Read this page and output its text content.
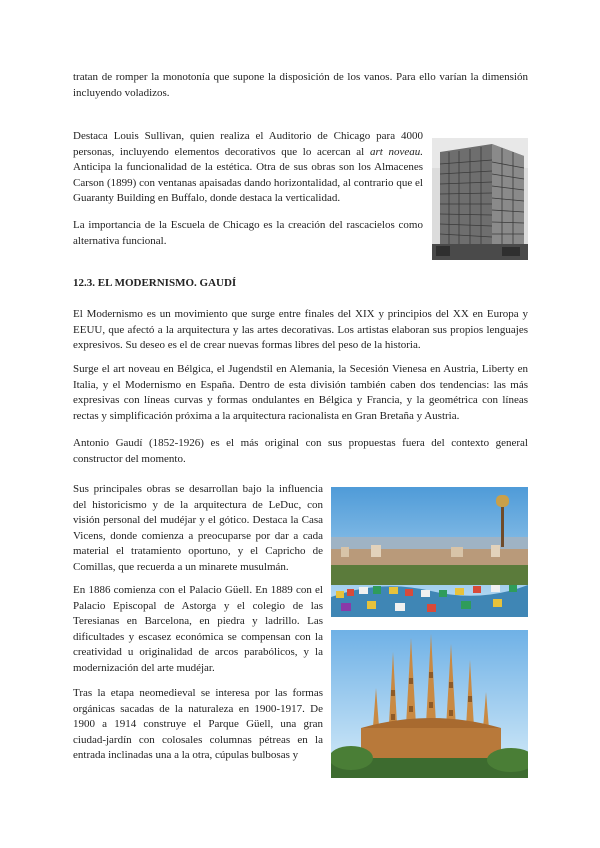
tratan de romper la monotonía que supone la disposición de los vanos. Para ello varían la dimensión incluyendo voladizos.

Destaca Louis Sullivan, quien realiza el Auditorio de Chicago para 4000 personas, incluyendo elementos decorativos que lo acercan al art noveau. Anticipa la funcionalidad de la estética. Otra de sus obras son los Almacenes Carson (1899) con ventanas apaisadas dando horizontalidad, al contrario que el Guaranty Building en Buffalo, donde destaca la verticalidad.

La importancia de la Escuela de Chicago es la creación del rascacielos como alternativa funcional.

12.3. EL MODERNISMO. GAUDÍ

El Modernismo es un movimiento que surge entre finales del XIX y principios del XX en Europa y EEUU, que afectó a la arquitectura y las artes decorativas. Los artistas elaboran sus propios lenguajes expresivos. Su deseo es el de crear nuevas formas libres del peso de la historia.

Surge el art noveau en Bélgica, el Jugendstil en Alemania, la Secesión Vienesa en Austria, Liberty en Italia, y el Modernismo en España. Dentro de esta división también caben dos tendencias: las más expresivas con líneas curvas y formas ondulantes en Bélgica y Francia, y la geométrica con líneas rectas y simplificación próxima a la arquitectura racionalista en Gran Bretaña y Austria.

Antonio Gaudí (1852-1926) es el más original con sus propuestas fuera del contexto general constructor del momento.

Sus principales obras se desarrollan bajo la influencia del historicismo y de la arquitectura de LeDuc, con visión personal del mudéjar y el gótico. Destaca la Casa Vicens, donde comienza a preocuparse por dar a cada material el tratamiento oportuno, y el Capricho de Comillas, que recuerda a un minarete musulmán.

En 1886 comienza con el Palacio Güell. En 1889 con el Palacio Episcopal de Astorga y el colegio de las Teresianas en Barcelona, en piedra y ladrillo. Las dificultades y escasez económica se compensan con la creatividad u originalidad de arcos parabólicos, y la modernización del arte mudéjar.

Tras la etapa neomedieval se interesa por las formas orgánicas sacadas de la naturaleza en 1900-1917. De 1900 a 1914 construye el Parque Güell, una gran ciudad-jardín con colosales columnas pétreas en la entrada inclinadas una a la otra, cúpulas bulbosas y
